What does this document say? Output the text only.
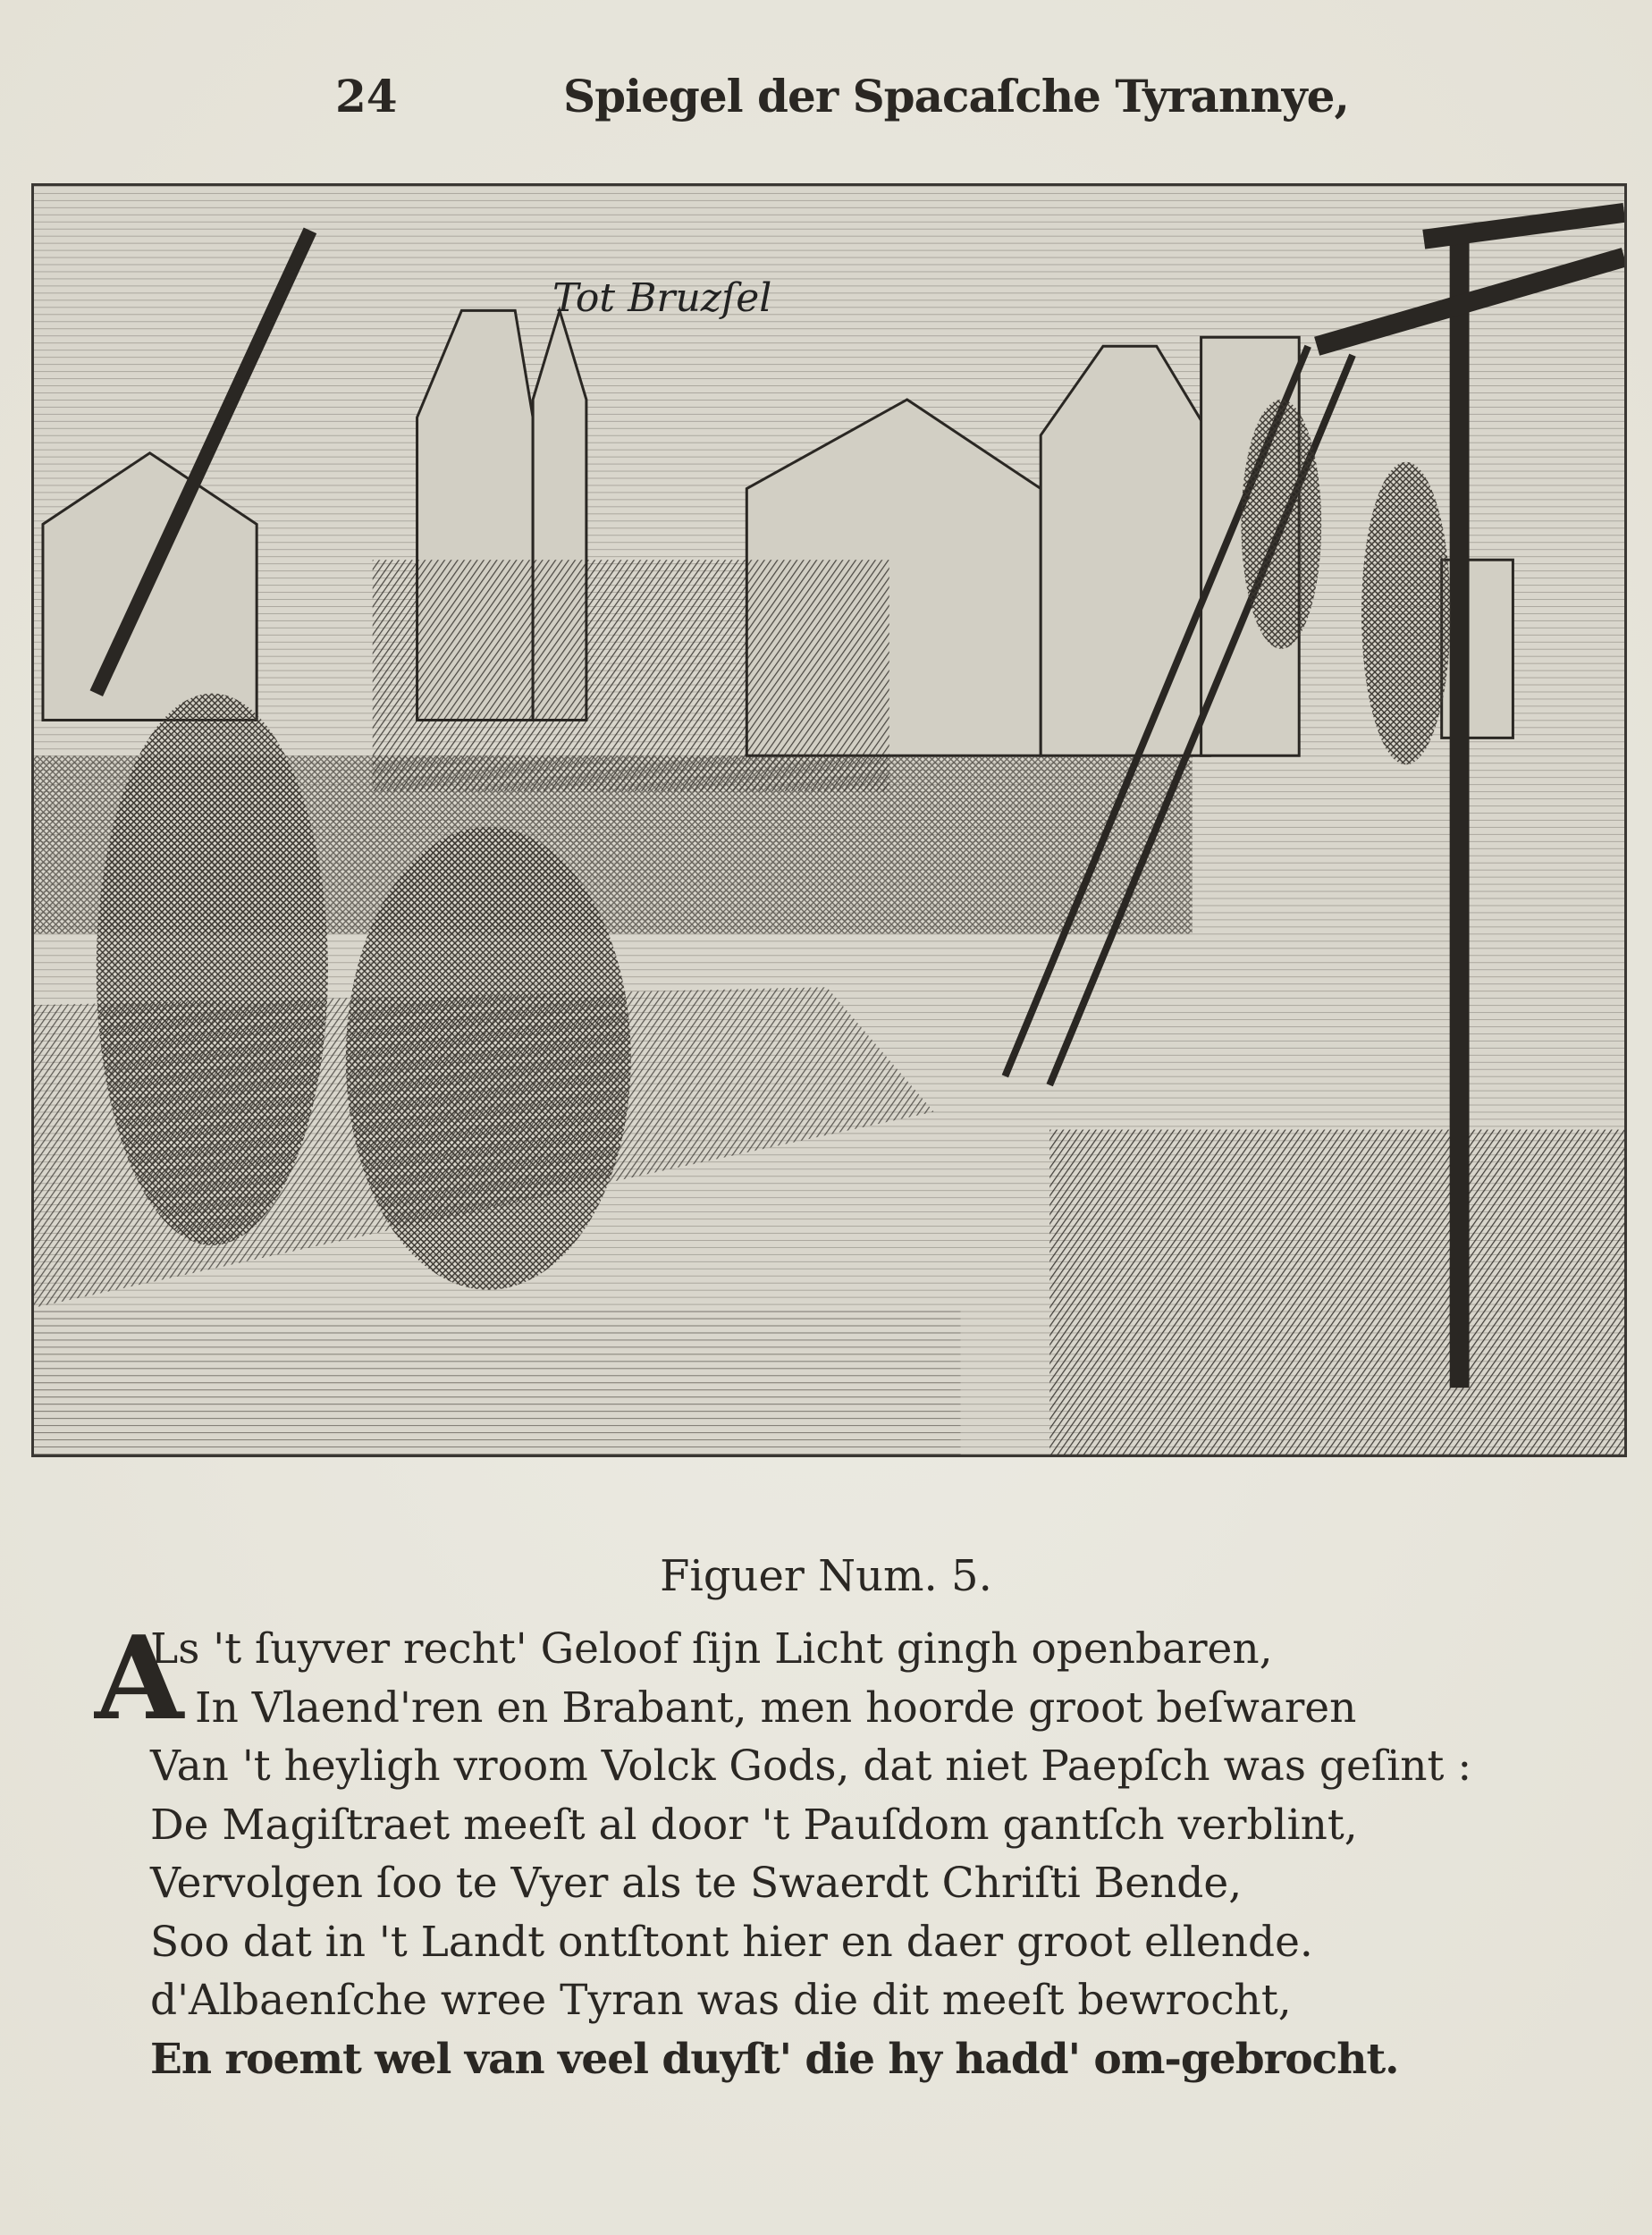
24	Spiegel der Spacaſche Tyrannye,
Tot Bruzſel
Figuer Num. 5.
A
Ls 't ſuyver recht' Geloof ſijn Licht gingh openbaren,
In Vlaend'ren en Brabant, men hoorde groot beſwaren
Van 't heyligh vroom Volck Gods, dat niet Paepſch was geſint :
De Magiſtraet meeſt al door 't Pauſdom gantſch verblint,
Vervolgen ſoo te Vyer als te Swaerdt Chriſti Bende,
Soo dat in 't Landt ontſtont hier en daer groot ellende.
d'Albaenſche wree Tyran was die dit meeſt bewrocht,
En roemt wel van veel duyſt' die hy hadd' om-gebrocht.
